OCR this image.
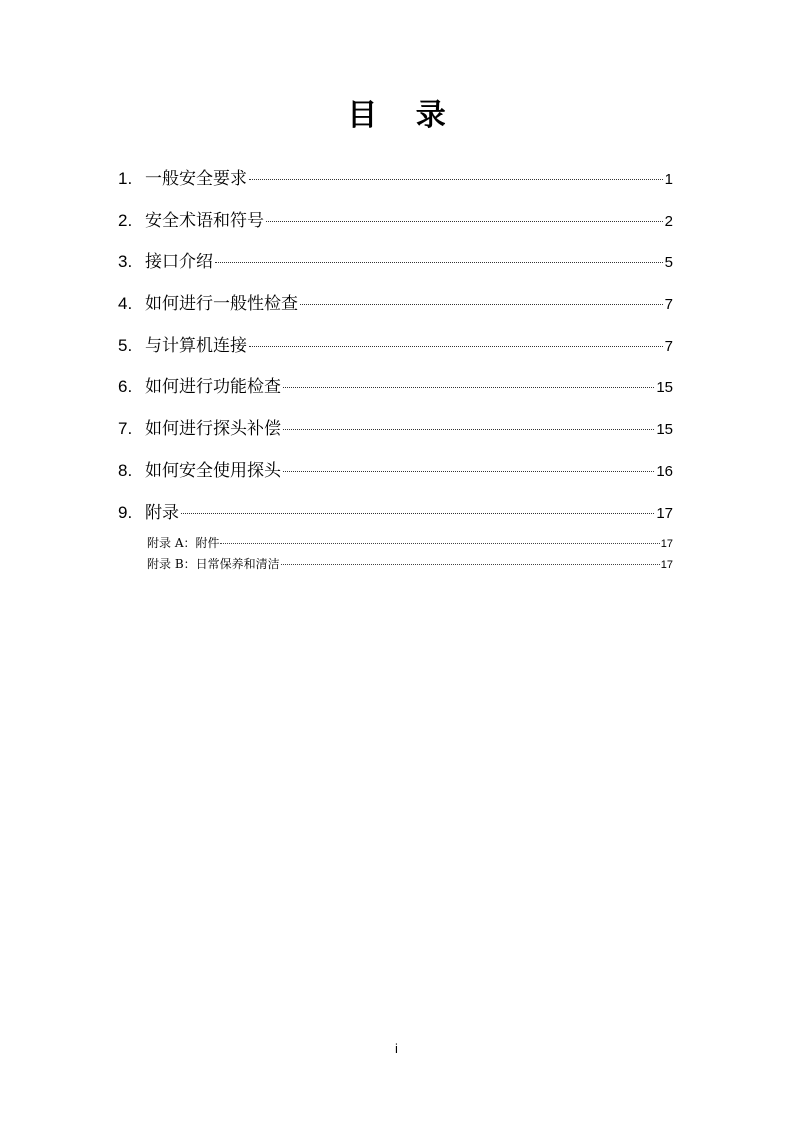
目 录
1. 一般安全要求	1
2. 安全术语和符号	2
3. 接口介绍	5
4. 如何进行一般性检查	7
5. 与计算机连接	7
6. 如何进行功能检查	15
7. 如何进行探头补偿	15
8. 如何安全使用探头	16
9. 附录	17
附录 A：附件	17
附录 B：日常保养和清洁	17
i
